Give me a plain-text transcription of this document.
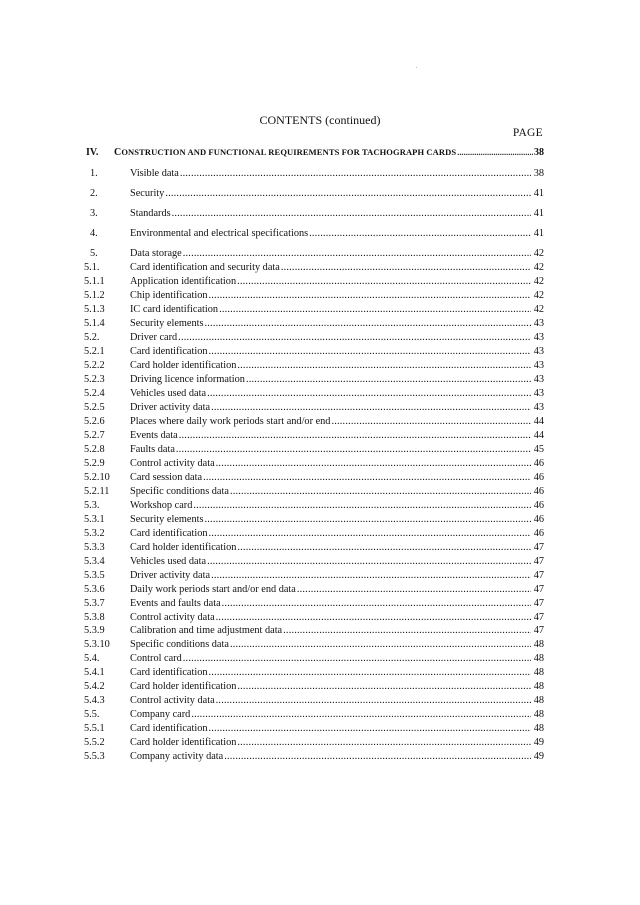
CONTENTS (continued)
PAGE
IV.	CONSTRUCTION AND FUNCTIONAL REQUIREMENTS FOR TACHOGRAPH CARDS .....	38
1.	Visible data .....	38
2.	Security .....	41
3.	Standards .....	41
4.	Environmental and electrical specifications .....	41
5.	Data storage .....	42
5.1.	Card identification and security data .....	42
5.1.1	Application identification .....	42
5.1.2	Chip identification .....	42
5.1.3	IC card identification .....	42
5.1.4	Security elements .....	43
5.2.	Driver card .....	43
5.2.1	Card identification .....	43
5.2.2	Card holder identification .....	43
5.2.3	Driving licence information .....	43
5.2.4	Vehicles used data .....	43
5.2.5	Driver activity data .....	43
5.2.6	Places where daily work periods start and/or end .....	44
5.2.7	Events data .....	44
5.2.8	Faults data .....	45
5.2.9	Control activity data .....	46
5.2.10	Card session data .....	46
5.2.11	Specific conditions data .....	46
5.3.	Workshop card .....	46
5.3.1	Security elements .....	46
5.3.2	Card identification .....	46
5.3.3	Card holder identification .....	47
5.3.4	Vehicles used data .....	47
5.3.5	Driver activity data .....	47
5.3.6	Daily work periods start and/or end data .....	47
5.3.7	Events and faults data .....	47
5.3.8	Control activity data .....	47
5.3.9	Calibration and time adjustment data .....	47
5.3.10	Specific conditions data .....	48
5.4.	Control card .....	48
5.4.1	Card identification .....	48
5.4.2	Card holder identification .....	48
5.4.3	Control activity data .....	48
5.5.	Company card .....	48
5.5.1	Card identification .....	48
5.5.2	Card holder identification .....	49
5.5.3	Company activity data .....	49
